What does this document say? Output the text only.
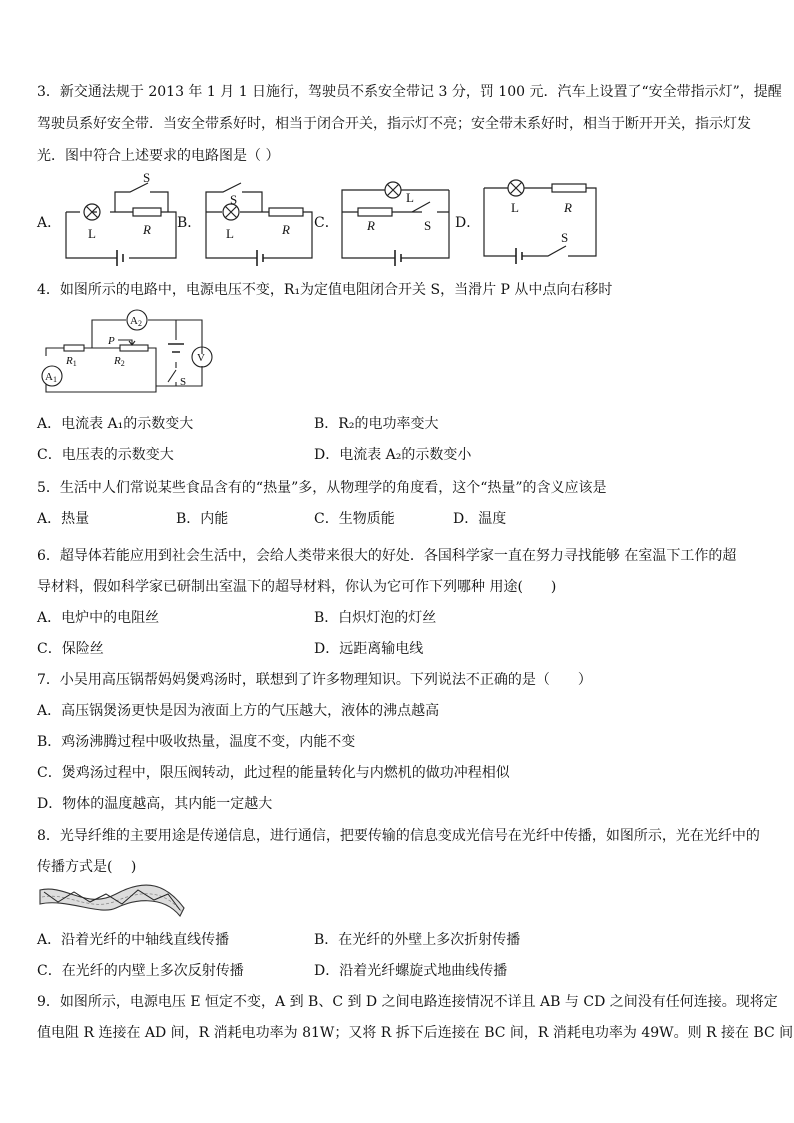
3．新交通法规于 2013 年 1 月 1 日施行，驾驶员不系安全带记 3 分，罚 100 元．汽车上设置了“安全带指示灯”，提醒
驾驶员系好安全带．当安全带系好时，相当于闭合开关，指示灯不亮；安全带未系好时，相当于断开开关，指示灯发
光．图中符合上述要求的电路图是（ ）
A．	B．	C．	D．
L	R
S
L	R
S	L
R	S
L	R
S
4．如图所示的电路中，电源电压不变，R₁为定值电阻闭合开关 S，当滑片 P 从中点向右移时
A2
V
A1
R1	R2
P
S
A．电流表 A₁的示数变大	B．R₂的电功率变大
C．电压表的示数变大	D．电流表 A₂的示数变小
5．生活中人们常说某些食品含有的“热量”多，从物理学的角度看，这个“热量”的含义应该是
A．热量	B．内能	C．生物质能	D．温度
6．超导体若能应用到社会生活中，会给人类带来很大的好处．各国科学家一直在努力寻找能够 在室温下工作的超
导材料，假如科学家已研制出室温下的超导材料，你认为它可作下列哪种 用途(　　)
A．电炉中的电阻丝	B．白炽灯泡的灯丝
C．保险丝	D．远距离输电线
7．小吴用高压锅帮妈妈煲鸡汤时，联想到了许多物理知识。下列说法不正确的是（　　）
A．高压锅煲汤更快是因为液面上方的气压越大，液体的沸点越高
B．鸡汤沸腾过程中吸收热量，温度不变，内能不变
C．煲鸡汤过程中，限压阀转动，此过程的能量转化与内燃机的做功冲程相似
D．物体的温度越高，其内能一定越大
8．光导纤维的主要用途是传递信息，进行通信，把要传输的信息变成光信号在光纤中传播，如图所示，光在光纤中的
传播方式是(　 )
A．沿着光纤的中轴线直线传播	B．在光纤的外壁上多次折射传播
C．在光纤的内壁上多次反射传播	D．沿着光纤螺旋式地曲线传播
9．如图所示，电源电压 E 恒定不变，A 到 B、C 到 D 之间电路连接情况不详且 AB 与 CD 之间没有任何连接。现将定
值电阻 R 连接在 AD 间，R 消耗电功率为 81W；又将 R 拆下后连接在 BC 间，R 消耗电功率为 49W。则 R 接在 BC 间
